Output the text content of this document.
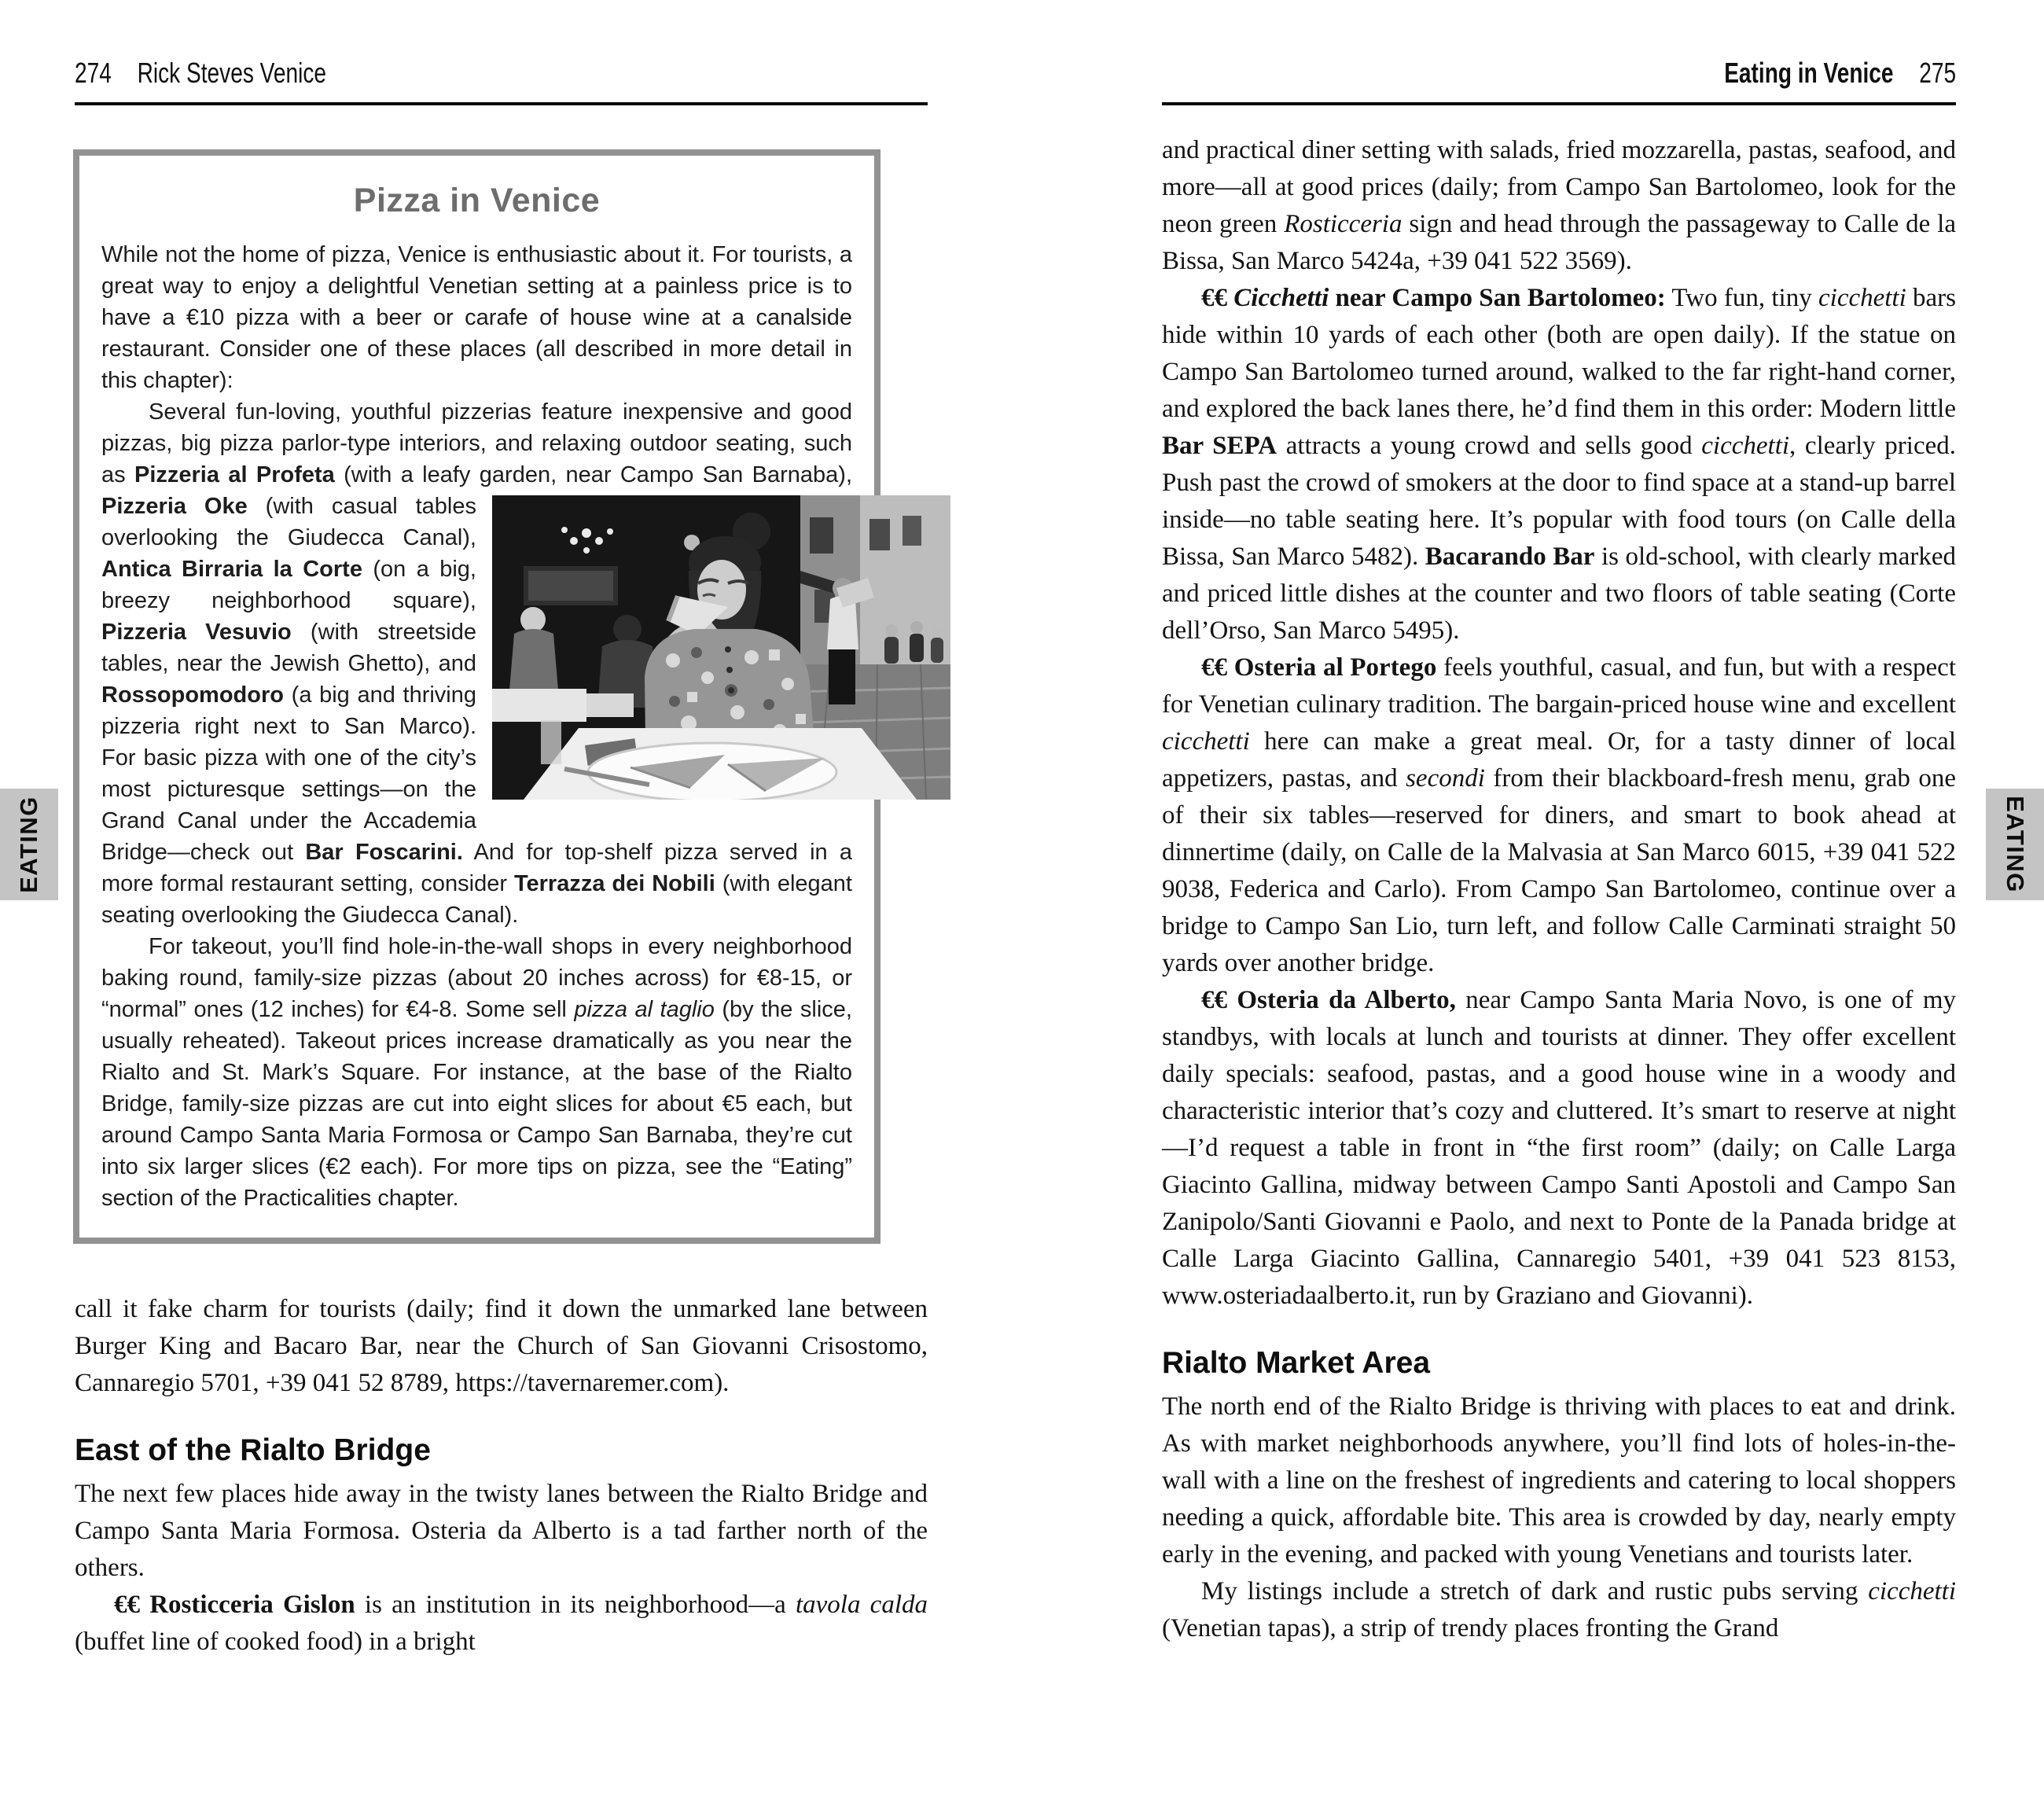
274 Rick Steves Venice
Pizza in Venice

While not the home of pizza, Venice is enthusiastic about it. For tourists, a great way to enjoy a delightful Venetian setting at a painless price is to have a €10 pizza with a beer or carafe of house wine at a canalside restaurant. Consider one of these places (all described in more detail in this chapter):

Several fun-loving, youthful pizzerias feature inexpensive and good pizzas, big pizza parlor-type interiors, and relaxing outdoor seating, such as Pizzeria al Profeta (with a leafy garden, near Campo San Barnaba), Pizzeria Oke (with casual
tables overlooking the Giudecca Canal), Antica Birraria la Corte (on a big, breezy neighborhood square), Pizzeria Vesuvio (with streetside tables, near the Jewish Ghetto), and Rossopomodoro (a big and thriving pizzeria right next to San Marco). For basic pizza with one of the city’s most picturesque settings—on the Grand Canal under the Accademia Bridge—check out Bar Foscarini. And for top-shelf pizza served in a more formal restaurant setting, consider Terrazza dei Nobili (with elegant seating overlooking the Giudecca Canal).

For takeout, you’ll find hole-in-the-wall shops in every neighborhood baking round, family-size pizzas (about 20 inches across) for €8-15, or “normal” ones (12 inches) for €4-8. Some sell pizza al taglio (by the slice, usually reheated). Takeout prices increase dramatically as you near the Rialto and St. Mark’s Square. For instance, at the base of the Rialto Bridge, family-size pizzas are cut into eight slices for about €5 each, but around Campo Santa Maria Formosa or Campo San Barnaba, they’re cut into six larger slices (€2 each). For more tips on pizza, see the “Eating” section of the Practicalities chapter.

call it fake charm for tourists (daily; find it down the unmarked lane between Burger King and Bacaro Bar, near the Church of San Giovanni Crisostomo, Cannaregio 5701, +39 041 52 8789, https://tavernaremer.com).

East of the Rialto Bridge

The next few places hide away in the twisty lanes between the Rialto Bridge and Campo Santa Maria Formosa. Osteria da Alberto is a tad farther north of the others.

€€ Rosticceria Gislon is an institution in its neighborhood—a tavola calda (buffet line of cooked food) in a bright

Eating in Venice 275

and practical diner setting with salads, fried mozzarella, pastas, seafood, and more—all at good prices (daily; from Campo San Bartolomeo, look for the neon green Rosticceria sign and head through the passageway to Calle de la Bissa, San Marco 5424a, +39 041 522 3569).

€€ Cicchetti near Campo San Bartolomeo: Two fun, tiny cicchetti bars hide within 10 yards of each other (both are open daily). If the statue on Campo San Bartolomeo turned around, walked to the far right-hand corner, and explored the back lanes there, he’d find them in this order: Modern little Bar SEPA attracts a young crowd and sells good cicchetti, clearly priced. Push past the crowd of smokers at the door to find space at a stand-up barrel inside—no table seating here. It’s popular with food tours (on Calle della Bissa, San Marco 5482). Bacarando Bar is old-school, with clearly marked and priced little dishes at the counter and two floors of table seating (Corte dell’Orso, San Marco 5495).

€€ Osteria al Portego feels youthful, casual, and fun, but with a respect for Venetian culinary tradition. The bargain-priced house wine and excellent cicchetti here can make a great meal. Or, for a tasty dinner of local appetizers, pastas, and secondi from their blackboard-fresh menu, grab one of their six tables—reserved for diners, and smart to book ahead at dinnertime (daily, on Calle de la Malvasia at San Marco 6015, +39 041 522 9038, Federica and Carlo). From Campo San Bartolomeo, continue over a bridge to Campo San Lio, turn left, and follow Calle Carminati straight 50 yards over another bridge.

€€ Osteria da Alberto, near Campo Santa Maria Novo, is one of my standbys, with locals at lunch and tourists at dinner. They offer excellent daily specials: seafood, pastas, and a good house wine in a woody and characteristic interior that’s cozy and cluttered. It’s smart to reserve at night—I’d request a table in front in “the first room” (daily; on Calle Larga Giacinto Gallina, midway between Campo Santi Apostoli and Campo San Zanipolo/Santi Giovanni e Paolo, and next to Ponte de la Panada bridge at Calle Larga Giacinto Gallina, Cannaregio 5401, +39 041 523 8153, www.osteriadaalberto.it, run by Graziano and Giovanni).

Rialto Market Area

The north end of the Rialto Bridge is thriving with places to eat and drink. As with market neighborhoods anywhere, you’ll find lots of holes-in-the-wall with a line on the freshest of ingredients and catering to local shoppers needing a quick, affordable bite. This area is crowded by day, nearly empty early in the evening, and packed with young Venetians and tourists later.

My listings include a stretch of dark and rustic pubs serving cicchetti (Venetian tapas), a strip of trendy places fronting the Grand

EATING	EATING
